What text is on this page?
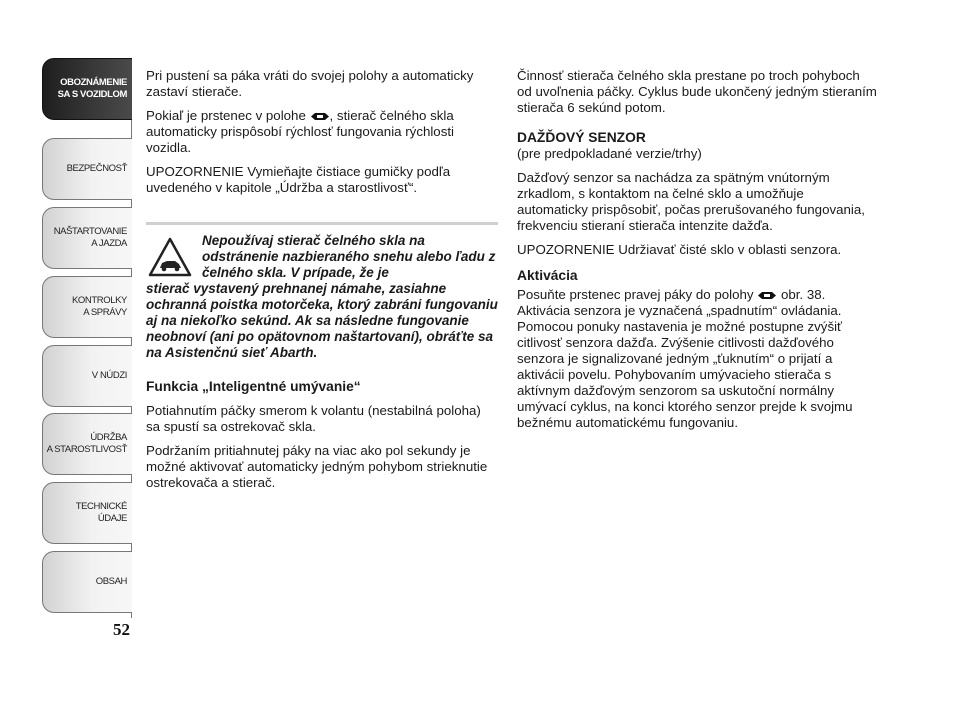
OBOZNÁMENIE
SA S VOZIDLOM
BEZPEČNOSŤ
NAŠTARTOVANIE
A JAZDA
KONTROLKY
A SPRÁVY
V NÚDZI
ÚDRŽBA
A STAROSTLIVOSŤ
TECHNICKÉ
ÚDAJE
OBSAH
52

Pri pustení sa páka vráti do svojej polohy a automaticky zastaví stierače.

Pokiaľ je prstenec v polohe , stierač čelného skla automaticky prispôsobí rýchlosť fungovania rýchlosti vozidla.

UPOZORNENIE Vymieňajte čistiace gumičky podľa uvedeného v kapitole „Údržba a starostlivosť“.

Nepoužívaj stierač čelného skla na odstránenie nazbieraného snehu alebo ľadu z čelného skla. V prípade, že je
stierač vystavený prehnanej námahe, zasiahne ochranná poistka motorčeka, ktorý zabráni fungovaniu aj na niekoľko sekúnd. Ak sa následne fungovanie neobnoví (ani po opätovnom naštartovaní), obráťte sa na Asistenčnú sieť Abarth.

Funkcia „Inteligentné umývanie“

Potiahnutím páčky smerom k volantu (nestabilná poloha) sa spustí sa ostrekovač skla.

Podržaním pritiahnutej páky na viac ako pol sekundy je možné aktivovať automaticky jedným pohybom strieknutie ostrekovača a stierač.

Činnosť stierača čelného skla prestane po troch pohyboch od uvoľnenia páčky. Cyklus bude ukončený jedným stieraním stierača 6 sekúnd potom.

DAŽĎOVÝ SENZOR

(pre predpokladané verzie/trhy)

Dažďový senzor sa nachádza za spätným vnútorným zrkadlom, s kontaktom na čelné sklo a umožňuje automaticky prispôsobiť, počas prerušovaného fungovania, frekvenciu stieraní stierača intenzite dažďa.

UPOZORNENIE Udržiavať čisté sklo v oblasti senzora.

Aktivácia

Posuňte prstenec pravej páky do polohy obr. 38. Aktivácia senzora je vyznačená „spadnutím“ ovládania. Pomocou ponuky nastavenia je možné postupne zvýšiť citlivosť senzora dažďa. Zvýšenie citlivosti dažďového senzora je signalizované jedným „ťuknutím“ o prijatí a aktivácii povelu. Pohybovaním umývacieho stierača s aktívnym dažďovým senzorom sa uskutoční normálny umývací cyklus, na konci ktorého senzor prejde k svojmu bežnému automatickému fungovaniu.
